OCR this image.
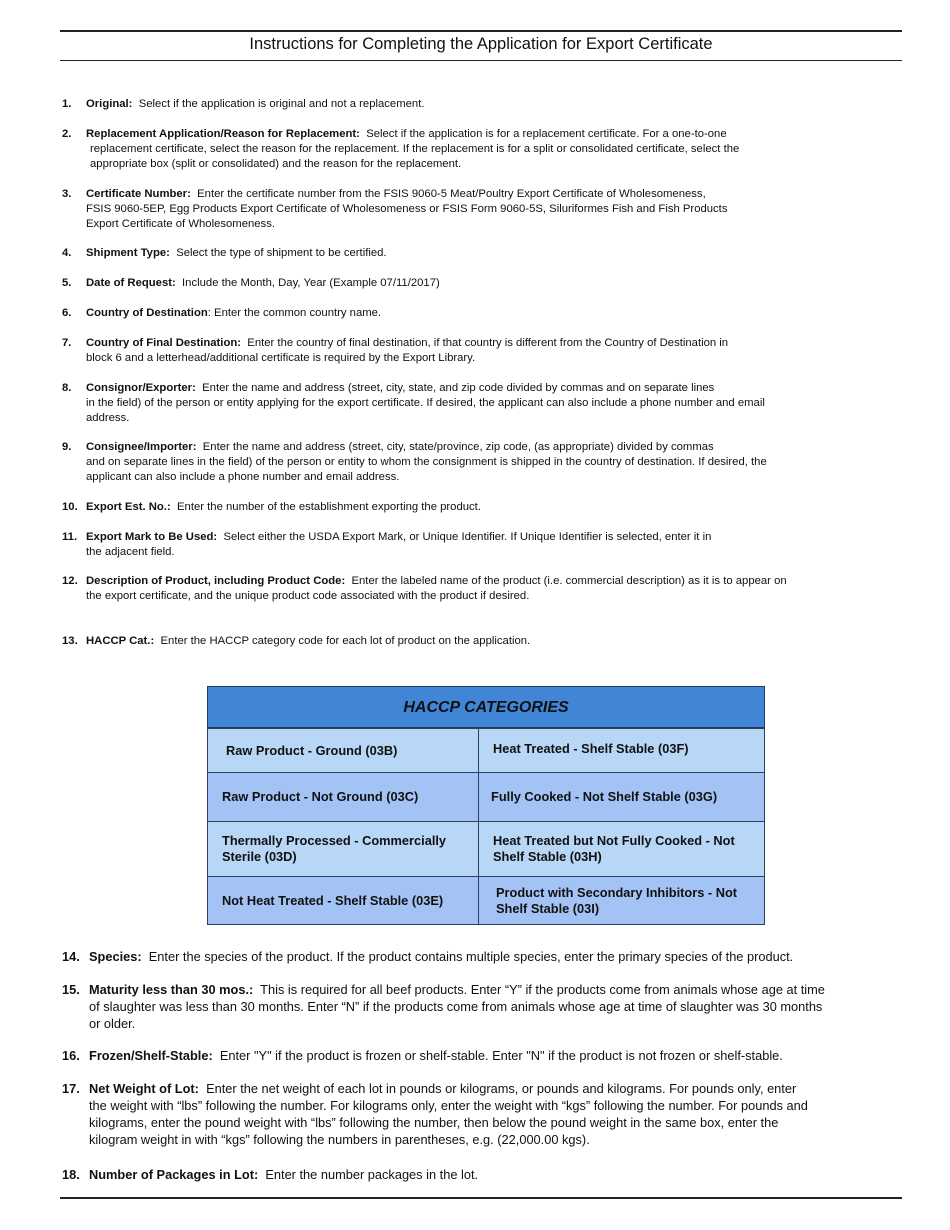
Instructions for Completing the Application for Export Certificate
1. Original: Select if the application is original and not a replacement.
2. Replacement Application/Reason for Replacement: Select if the application is for a replacement certificate. For a one-to-one
replacement certificate, select the reason for the replacement. If the replacement is for a split or consolidated certificate, select the
appropriate box (split or consolidated) and the reason for the replacement.
3. Certificate Number: Enter the certificate number from the FSIS 9060-5 Meat/Poultry Export Certificate of Wholesomeness,
FSIS 9060-5EP, Egg Products Export Certificate of Wholesomeness or FSIS Form 9060-5S, Siluriformes Fish and Fish Products
Export Certificate of Wholesomeness.
4. Shipment Type: Select the type of shipment to be certified.
5. Date of Request: Include the Month, Day, Year (Example 07/11/2017)
6. Country of Destination: Enter the common country name.
7. Country of Final Destination: Enter the country of final destination, if that country is different from the Country of Destination in
block 6 and a letterhead/additional certificate is required by the Export Library.
8. Consignor/Exporter: Enter the name and address (street, city, state, and zip code divided by commas and on separate lines
in the field) of the person or entity applying for the export certificate. If desired, the applicant can also include a phone number and email
address.
9. Consignee/Importer: Enter the name and address (street, city, state/province, zip code, (as appropriate) divided by commas
and on separate lines in the field) of the person or entity to whom the consignment is shipped in the country of destination. If desired, the
applicant can also include a phone number and email address.
10. Export Est. No.: Enter the number of the establishment exporting the product.
11. Export Mark to Be Used: Select either the USDA Export Mark, or Unique Identifier. If Unique Identifier is selected, enter it in
the adjacent field.
12. Description of Product, including Product Code: Enter the labeled name of the product (i.e. commercial description) as it is to appear on
the export certificate, and the unique product code associated with the product if desired.
13. HACCP Cat.: Enter the HACCP category code for each lot of product on the application.
HACCP CATEGORIES
Raw Product - Ground (03B)	Heat Treated - Shelf Stable (03F)
Raw Product - Not Ground (03C)	Fully Cooked - Not Shelf Stable (03G)
Thermally Processed - Commercially Sterile (03D)
Heat Treated but Not Fully Cooked - Not Shelf Stable (03H)
Not Heat Treated - Shelf Stable (03E)
Product with Secondary Inhibitors - Not Shelf Stable (03I)
14. Species: Enter the species of the product. If the product contains multiple species, enter the primary species of the product.
15. Maturity less than 30 mos.: This is required for all beef products. Enter “Y” if the products come from animals whose age at time
of slaughter was less than 30 months. Enter “N” if the products come from animals whose age at time of slaughter was 30 months
or older.
16. Frozen/Shelf-Stable: Enter "Y" if the product is frozen or shelf-stable. Enter "N" if the product is not frozen or shelf-stable.
17. Net Weight of Lot: Enter the net weight of each lot in pounds or kilograms, or pounds and kilograms. For pounds only, enter
the weight with “lbs” following the number. For kilograms only, enter the weight with “kgs” following the number. For pounds and
kilograms, enter the pound weight with “lbs” following the number, then below the pound weight in the same box, enter the
kilogram weight in with “kgs” following the numbers in parentheses, e.g. (22,000.00 kgs).
18. Number of Packages in Lot: Enter the number packages in the lot.
